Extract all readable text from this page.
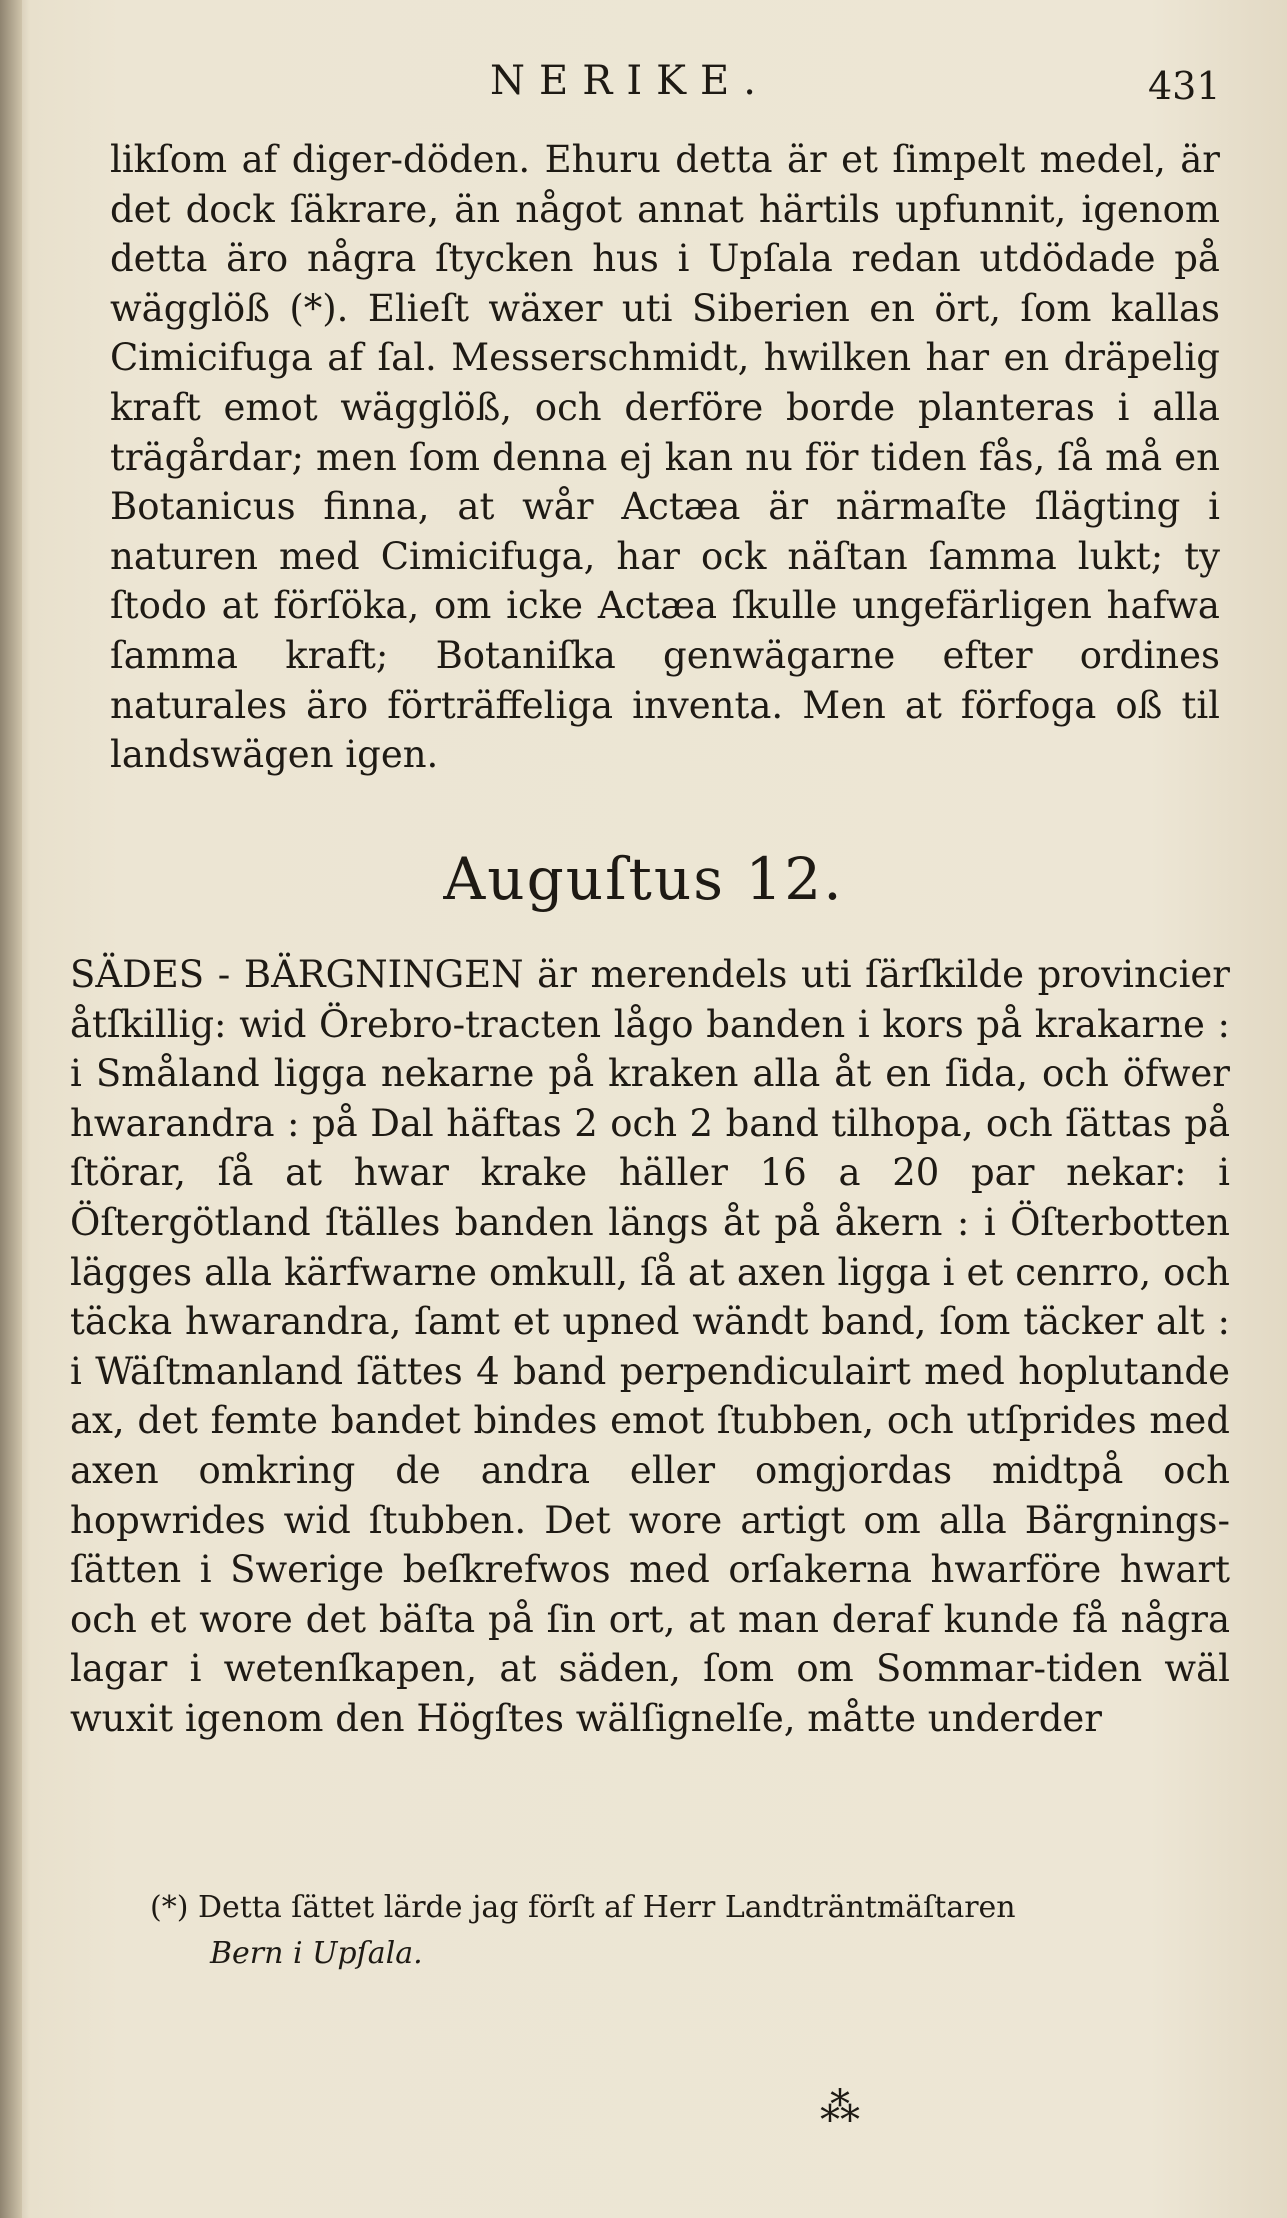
NERIKE.	431

likſom af diger-döden. Ehuru detta är et ſimpelt medel, är det dock ſäkrare, än något annat härtils upfunnit, igenom detta äro några ſtycken hus i Upſala redan utdödade på wägglöß (*). Elieſt wäxer uti Siberien en ört, ſom kallas Cimicifuga af ſal. Messerschmidt, hwilken har en dräpelig kraft emot wägglöß, och derföre borde planteras i alla trägårdar; men ſom denna ej kan nu för tiden fås, ſå må en Botanicus finna, at wår Actæa är närmaſte ſlägting i naturen med Cimicifuga, har ock näſtan ſamma lukt; ty ſtodo at förſöka, om icke Actæa ſkulle ungefärligen hafwa ſamma kraft; Botaniſka genwägarne efter ordines naturales äro förträffeliga inventa. Men at förfoga oß til landswägen igen.

Auguſtus 12.

SÄDES - BÄRGNINGEN är merendels uti ſärſkilde provincier åtſkillig: wid Örebro-tracten lågo banden i kors på krakarne : i Småland ligga nekarne på kraken alla åt en ſida, och öfwer hwarandra : på Dal häftas 2 och 2 band tilhopa, och ſättas på ſtörar, ſå at hwar krake häller 16 a 20 par nekar: i Öſtergötland ſtälles banden längs åt på åkern : i Öſterbotten lägges alla kärfwarne omkull, ſå at axen ligga i et cenrro, och täcka hwarandra, ſamt et upned wändt band, ſom täcker alt : i Wäſtmanland ſättes 4 band perpendiculairt med hoplutande ax, det femte bandet bindes emot ſtubben, och utſprides med axen omkring de andra eller omgjordas midtpå och hopwrides wid ſtubben. Det wore artigt om alla Bärgnings-ſätten i Swerige beſkrefwos med orſakerna hwarföre hwart och et wore det bäſta på ſin ort, at man deraf kunde få några lagar i wetenſkapen, at säden, ſom om Sommar-tiden wäl wuxit igenom den Högſtes wälſignelſe, måtte underder

(*) Detta ſättet lärde jag förſt af Herr Landträntmäſtaren

Bern i Upſala.

⁂
